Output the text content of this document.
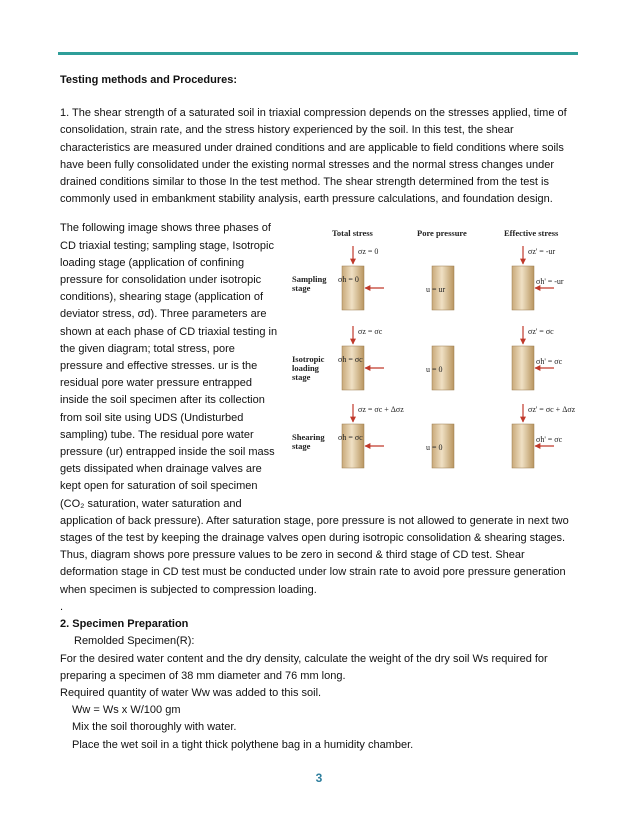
Testing methods and Procedures:

1. The shear strength of a saturated soil in triaxial compression depends on the stresses applied, time of consolidation, strain rate, and the stress history experienced by the soil. In this test, the shear characteristics are measured under drained conditions and are applicable to field conditions where soils have been fully consolidated under the existing normal stresses and the normal stress changes under drained conditions similar to those In the test method. The shear strength determined from the test is commonly used in embankment stability analysis, earth pressure calculations, and foundation design.

The following image shows three phases of

CD triaxial testing; sampling stage, Isotropic

loading stage (application of confining

pressure for consolidation under isotropic

conditions), shearing stage (application of

deviator stress, σd). Three parameters are

shown at each phase of CD triaxial testing in

the given diagram; total stress, pore

pressure and effective stresses. ur is the

residual pore water pressure entrapped

inside the soil specimen after its collection

from soil site using UDS (Undisturbed

sampling) tube. The residual pore water

pressure (ur) entrapped inside the soil mass

gets dissipated when drainage valves are

kept open for saturation of soil specimen

(CO₂ saturation, water saturation and

Total stress	Pore pressure	Effective stress
Sampling
stage
σz = 0	σz' = -ur
σh = 0	σh' = -ur
u = ur
Isotropic
loading
stage
σz = σc	σz' = σc
σh = σc	σh' = σc
u = 0
Shearing
stage
σz = σc + Δσz	σz' = σc + Δσz
σh = σc	σh' = σc
u = 0

application of back pressure). After saturation stage, pore pressure is not allowed to generate in next two stages of the test by keeping the drainage valves open during isotropic consolidation & shearing stages. Thus, diagram shows pore pressure values to be zero in second & third stage of CD test. Shear deformation stage in CD test must be conducted under low strain rate to avoid pore pressure generation when specimen is subjected to compression loading.

.

2. Specimen Preparation

Remolded Specimen(R):

For the desired water content and the dry density, calculate the weight of the dry soil Ws required for preparing a specimen of 38 mm diameter and 76 mm long.

Required quantity of water Ww was added to this soil.

Ww = Ws x W/100 gm

Mix the soil thoroughly with water.

Place the wet soil in a tight thick polythene bag in a humidity chamber.

3
